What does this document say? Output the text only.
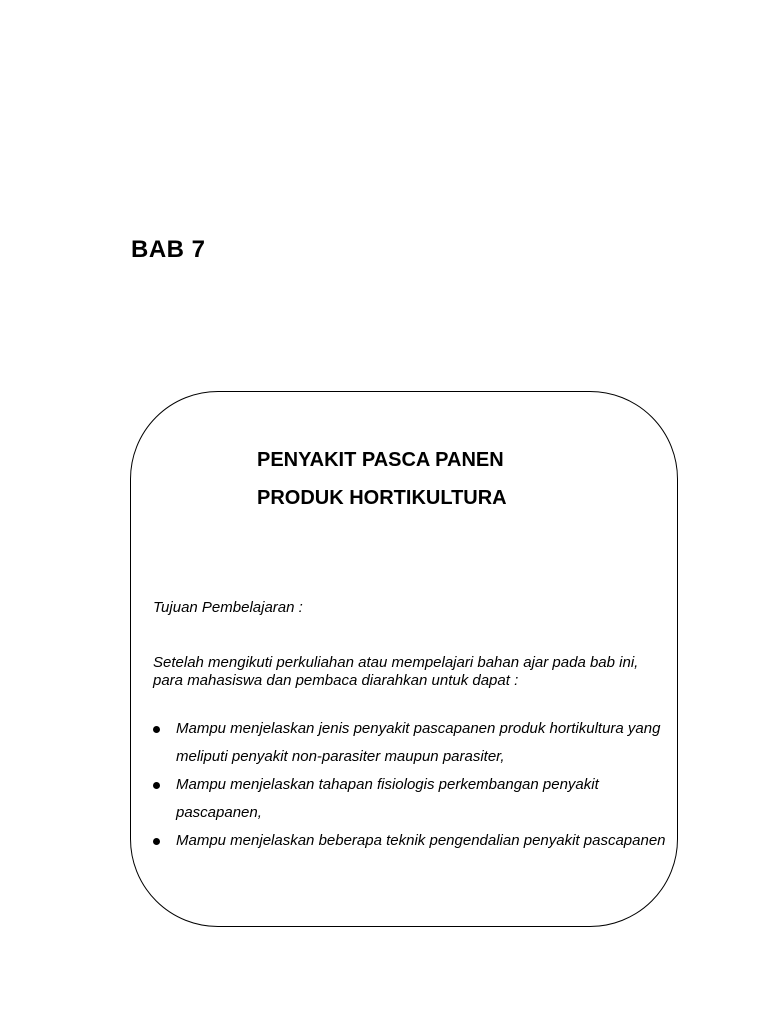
BAB 7
PENYAKIT PASCA PANEN
PRODUK HORTIKULTURA
Tujuan Pembelajaran :
Setelah mengikuti perkuliahan atau mempelajari bahan ajar pada bab ini, para mahasiswa dan pembaca diarahkan untuk dapat :
Mampu menjelaskan jenis penyakit pascapanen produk hortikultura yang meliputi penyakit non-parasiter maupun parasiter,
Mampu menjelaskan tahapan fisiologis perkembangan penyakit pascapanen,
Mampu menjelaskan beberapa teknik pengendalian penyakit pascapanen
